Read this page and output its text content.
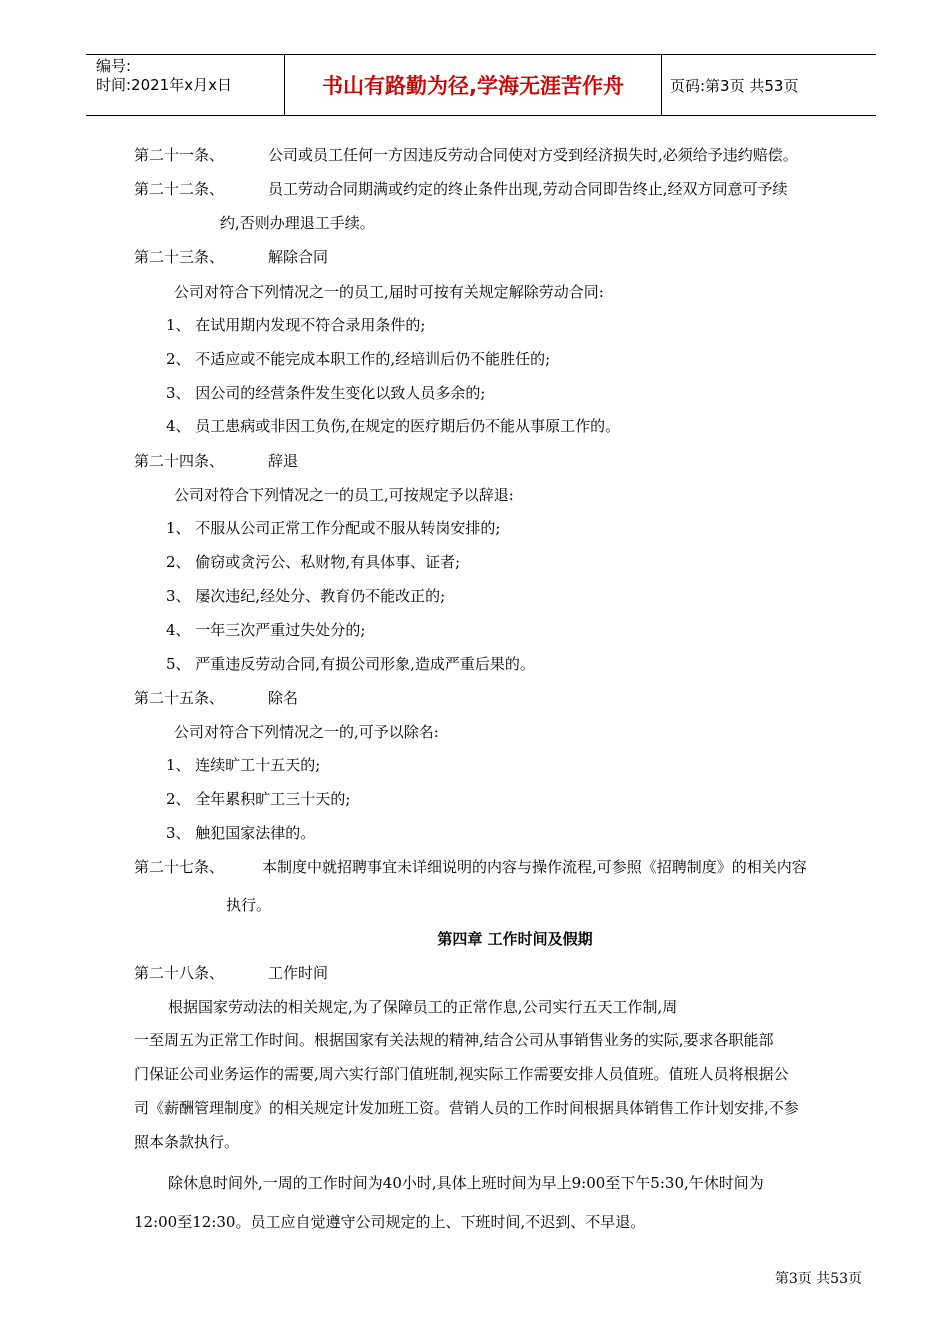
编号:
时间:2021年x月x日	书山有路勤为径,学海无涯苦作舟	页码:第3页 共53页
第二十一条、	公司或员工任何一方因违反劳动合同使对方受到经济损失时,必须给予违约赔偿。
第二十二条、	员工劳动合同期满或约定的终止条件出现,劳动合同即告终止,经双方同意可予续
约,否则办理退工手续。
第二十三条、	解除合同
公司对符合下列情况之一的员工,届时可按有关规定解除劳动合同:
1、 在试用期内发现不符合录用条件的;
2、 不适应或不能完成本职工作的,经培训后仍不能胜任的;
3、 因公司的经营条件发生变化以致人员多余的;
4、 员工患病或非因工负伤,在规定的医疗期后仍不能从事原工作的。
第二十四条、	辞退
公司对符合下列情况之一的员工,可按规定予以辞退:
1、 不服从公司正常工作分配或不服从转岗安排的;
2、 偷窃或贪污公、私财物,有具体事、证者;
3、 屡次违纪,经处分、教育仍不能改正的;
4、 一年三次严重过失处分的;
5、 严重违反劳动合同,有损公司形象,造成严重后果的。
第二十五条、	除名
公司对符合下列情况之一的,可予以除名:
1、 连续旷工十五天的;
2、 全年累积旷工三十天的;
3、 触犯国家法律的。
第二十七条、	本制度中就招聘事宜未详细说明的内容与操作流程,可参照《招聘制度》的相关内容
执行。
第四章 工作时间及假期
第二十八条、	工作时间
根据国家劳动法的相关规定,为了保障员工的正常作息,公司实行五天工作制,周
一至周五为正常工作时间。根据国家有关法规的精神,结合公司从事销售业务的实际,要求各职能部
门保证公司业务运作的需要,周六实行部门值班制,视实际工作需要安排人员值班。值班人员将根据公
司《薪酬管理制度》的相关规定计发加班工资。营销人员的工作时间根据具体销售工作计划安排,不参
照本条款执行。
除休息时间外,一周的工作时间为40小时,具体上班时间为早上9:00至下午5:30,午休时间为
12:00至12:30。员工应自觉遵守公司规定的上、下班时间,不迟到、不早退。
第3页 共53页
